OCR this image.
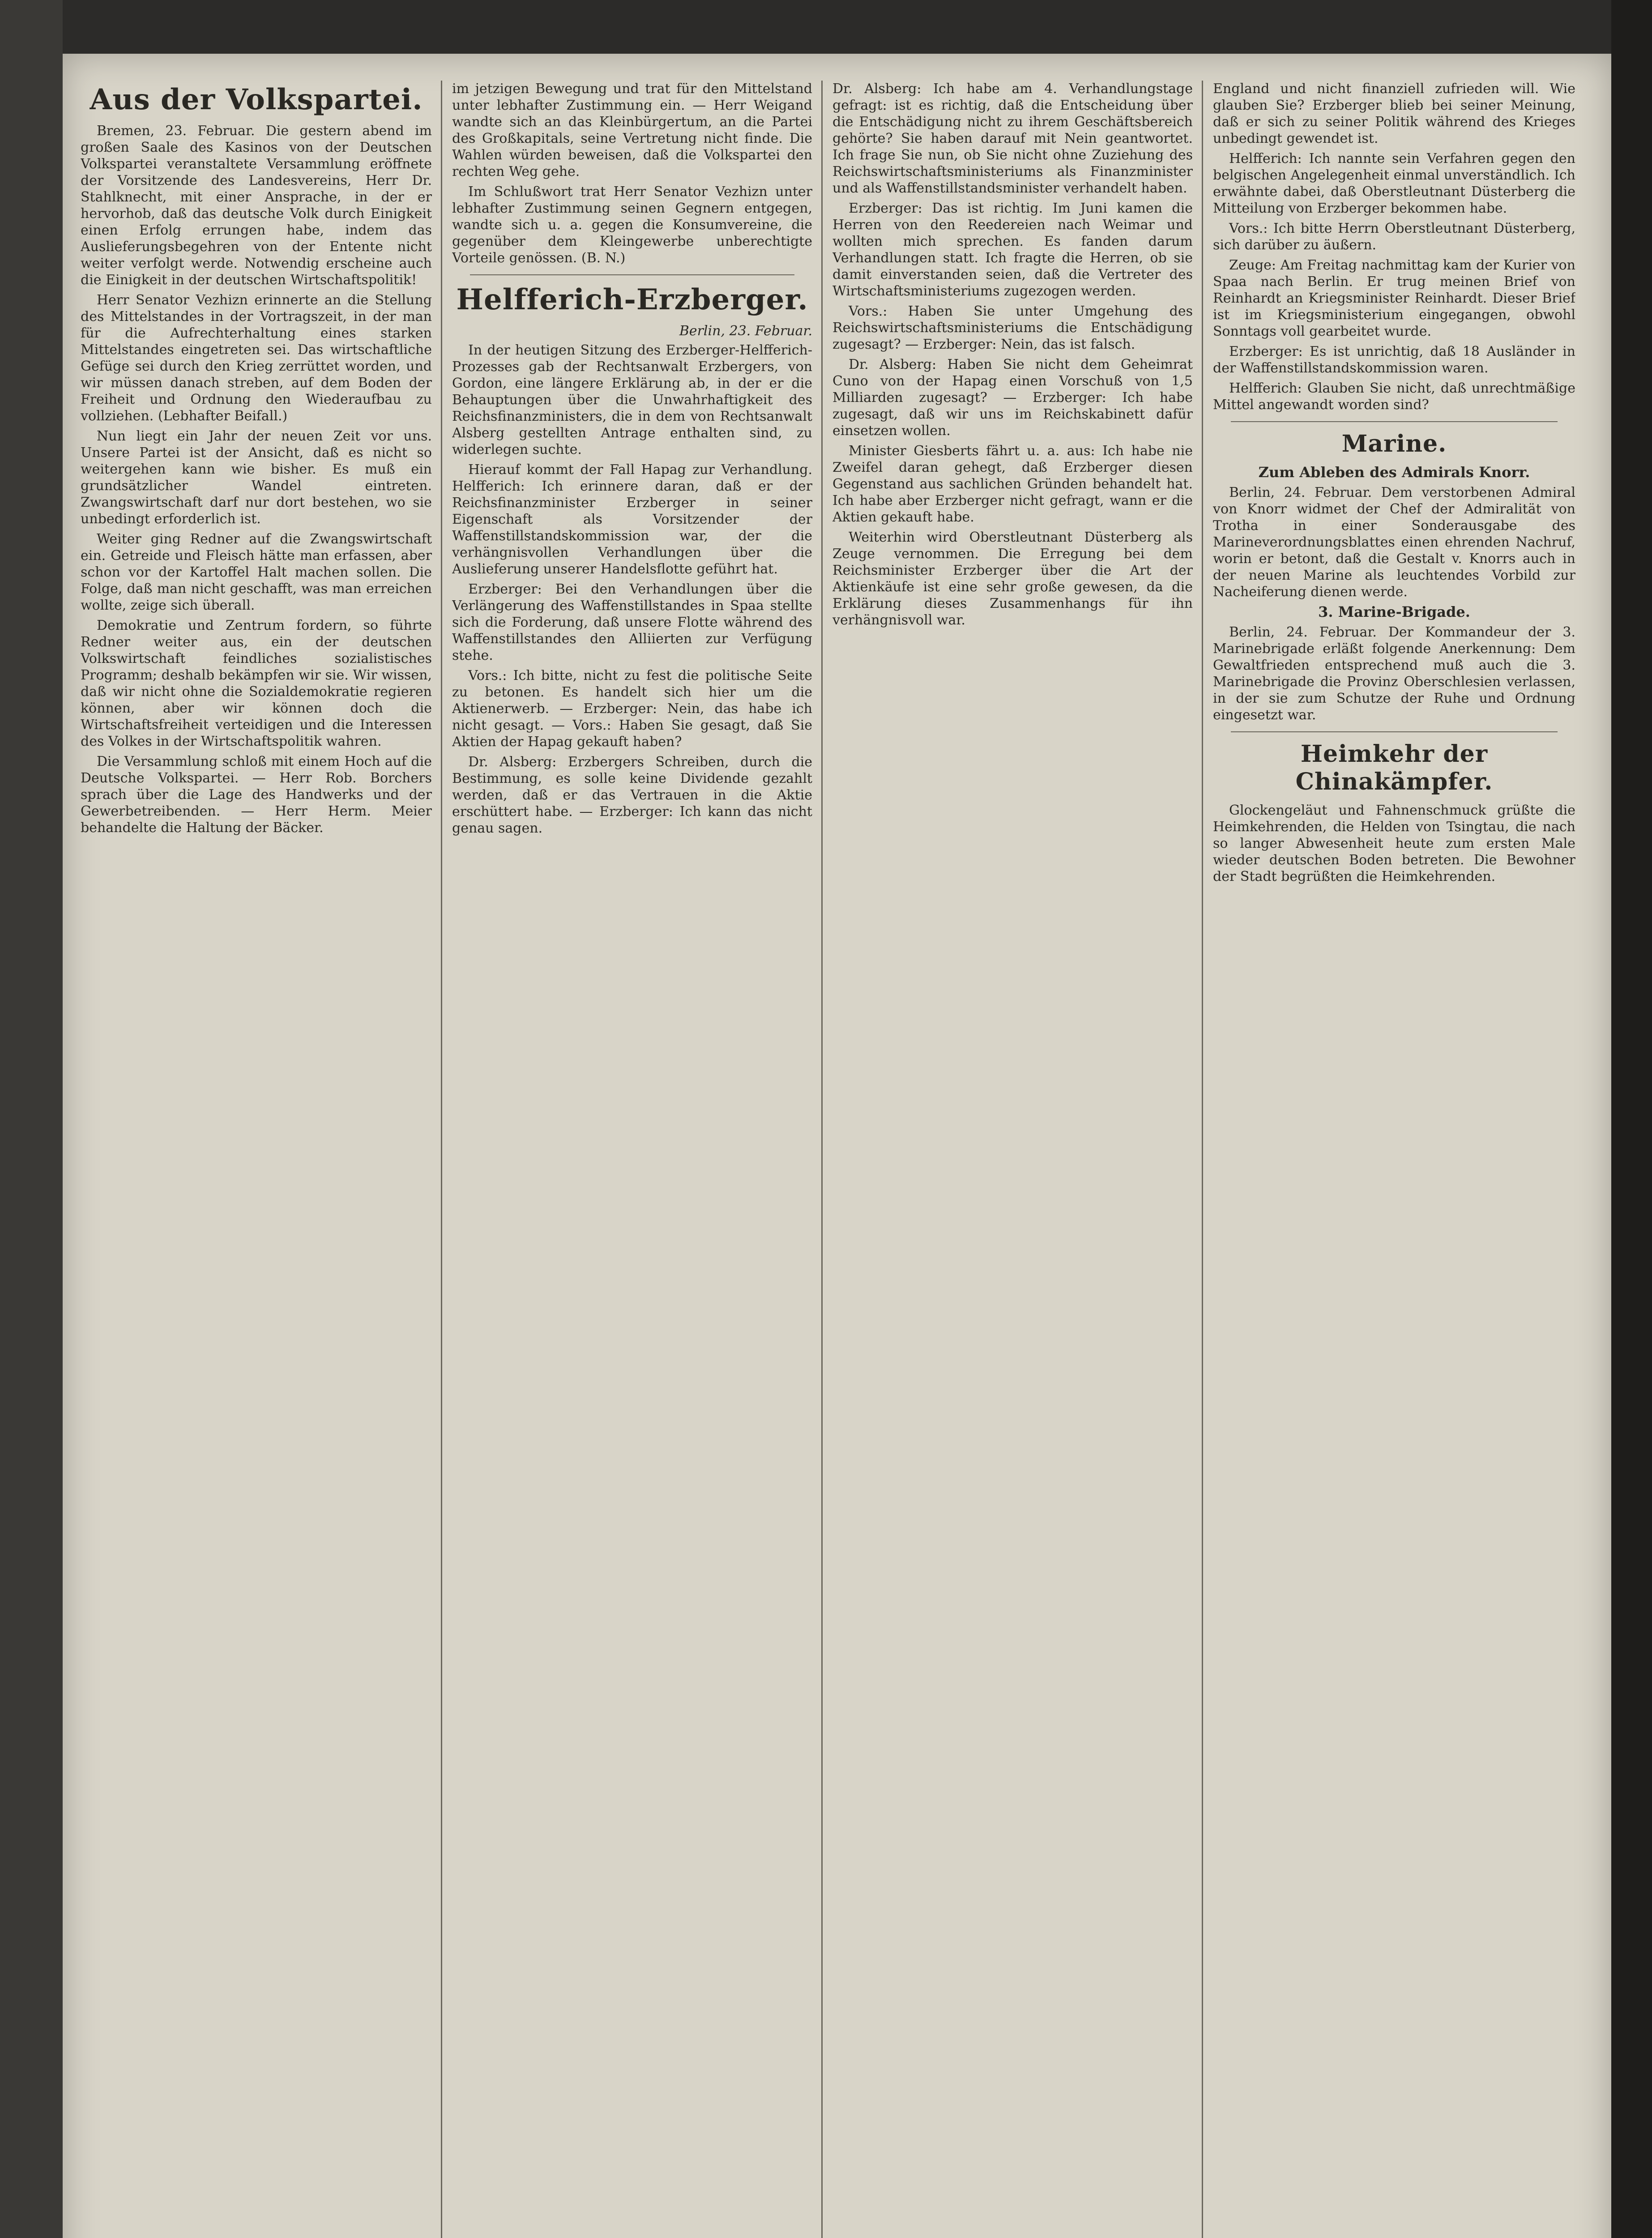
Aus der Volkspartei.

Bremen, 23. Februar. Die gestern abend im großen Saale des Kasinos von der Deutschen Volkspartei veranstaltete Versammlung eröffnete der Vorsitzende des Landesvereins, Herr Dr. Stahlknecht, mit einer Ansprache, in der er hervorhob, daß das deutsche Volk durch Einigkeit einen Erfolg errungen habe, indem das Auslieferungsbegehren von der Entente nicht weiter verfolgt werde. Notwendig erscheine auch die Einigkeit in der deutschen Wirtschaftspolitik!

Herr Senator Vezhizn erinnerte an die Stellung des Mittelstandes in der Vortragszeit, in der man für die Aufrechterhaltung eines starken Mittelstandes eingetreten sei. Das wirtschaftliche Gefüge sei durch den Krieg zerrüttet worden, und wir müssen danach streben, auf dem Boden der Freiheit und Ordnung den Wiederaufbau zu vollziehen. (Lebhafter Beifall.)

Nun liegt ein Jahr der neuen Zeit vor uns. Unsere Partei ist der Ansicht, daß es nicht so weitergehen kann wie bisher. Es muß ein grundsätzlicher Wandel eintreten. Zwangswirtschaft darf nur dort bestehen, wo sie unbedingt erforderlich ist.

Weiter ging Redner auf die Zwangswirtschaft ein. Getreide und Fleisch hätte man erfassen, aber schon vor der Kartoffel Halt machen sollen. Die Folge, daß man nicht geschafft, was man erreichen wollte, zeige sich überall.

Demokratie und Zentrum fordern, so führte Redner weiter aus, ein der deutschen Volkswirtschaft feindliches sozialistisches Programm; deshalb bekämpfen wir sie. Wir wissen, daß wir nicht ohne die Sozialdemokratie regieren können, aber wir können doch die Wirtschaftsfreiheit verteidigen und die Interessen des Volkes in der Wirtschaftspolitik wahren.

Die Versammlung schloß mit einem Hoch auf die Deutsche Volkspartei. — Herr Rob. Borchers sprach über die Lage des Handwerks und der Gewerbetreibenden. — Herr Herm. Meier behandelte die Haltung der Bäcker.

im jetzigen Bewegung und trat für den Mittelstand unter lebhafter Zustimmung ein. — Herr Weigand wandte sich an das Kleinbürgertum, an die Partei des Großkapitals, seine Vertretung nicht finde. Die Wahlen würden beweisen, daß die Volkspartei den rechten Weg gehe.

Im Schlußwort trat Herr Senator Vezhizn unter lebhafter Zustimmung seinen Gegnern entgegen, wandte sich u. a. gegen die Konsumvereine, die gegenüber dem Kleingewerbe unberechtigte Vorteile genössen. (B. N.)

Helfferich-Erzberger.
Berlin, 23. Februar.

In der heutigen Sitzung des Erzberger-Helfferich-Prozesses gab der Rechtsanwalt Erzbergers, von Gordon, eine längere Erklärung ab, in der er die Behauptungen über die Unwahrhaftigkeit des Reichsfinanzministers, die in dem von Rechtsanwalt Alsberg gestellten Antrage enthalten sind, zu widerlegen suchte.

Hierauf kommt der Fall Hapag zur Verhandlung. Helfferich: Ich erinnere daran, daß er der Reichsfinanzminister Erzberger in seiner Eigenschaft als Vorsitzender der Waffenstillstandskommission war, der die verhängnisvollen Verhandlungen über die Auslieferung unserer Handelsflotte geführt hat.

Erzberger: Bei den Verhandlungen über die Verlängerung des Waffenstillstandes in Spaa stellte sich die Forderung, daß unsere Flotte während des Waffenstillstandes den Alliierten zur Verfügung stehe.

Vors.: Ich bitte, nicht zu fest die politische Seite zu betonen. Es handelt sich hier um die Aktienerwerb. — Erzberger: Nein, das habe ich nicht gesagt. — Vors.: Haben Sie gesagt, daß Sie Aktien der Hapag gekauft haben?

Dr. Alsberg: Erzbergers Schreiben, durch die Bestimmung, es solle keine Dividende gezahlt werden, daß er das Vertrauen in die Aktie erschüttert habe. — Erzberger: Ich kann das nicht genau sagen.

Dr. Alsberg: Ich habe am 4. Verhandlungstage gefragt: ist es richtig, daß die Entscheidung über die Entschädigung nicht zu ihrem Geschäftsbereich gehörte? Sie haben darauf mit Nein geantwortet. Ich frage Sie nun, ob Sie nicht ohne Zuziehung des Reichswirtschaftsministeriums als Finanzminister und als Waffenstillstandsminister verhandelt haben.

Erzberger: Das ist richtig. Im Juni kamen die Herren von den Reedereien nach Weimar und wollten mich sprechen. Es fanden darum Verhandlungen statt. Ich fragte die Herren, ob sie damit einverstanden seien, daß die Vertreter des Wirtschaftsministeriums zugezogen werden.

Vors.: Haben Sie unter Umgehung des Reichswirtschaftsministeriums die Entschädigung zugesagt? — Erzberger: Nein, das ist falsch.

Dr. Alsberg: Haben Sie nicht dem Geheimrat Cuno von der Hapag einen Vorschuß von 1,5 Milliarden zugesagt? — Erzberger: Ich habe zugesagt, daß wir uns im Reichskabinett dafür einsetzen wollen.

Minister Giesberts fährt u. a. aus: Ich habe nie Zweifel daran gehegt, daß Erzberger diesen Gegenstand aus sachlichen Gründen behandelt hat. Ich habe aber Erzberger nicht gefragt, wann er die Aktien gekauft habe.

Weiterhin wird Oberstleutnant Düsterberg als Zeuge vernommen. Die Erregung bei dem Reichsminister Erzberger über die Art der Aktienkäufe ist eine sehr große gewesen, da die Erklärung dieses Zusammenhangs für ihn verhängnisvoll war.

England und nicht finanziell zufrieden will. Wie glauben Sie? Erzberger blieb bei seiner Meinung, daß er sich zu seiner Politik während des Krieges unbedingt gewendet ist.

Helfferich: Ich nannte sein Verfahren gegen den belgischen Angelegenheit einmal unverständlich. Ich erwähnte dabei, daß Oberstleutnant Düsterberg die Mitteilung von Erzberger bekommen habe.

Vors.: Ich bitte Herrn Oberstleutnant Düsterberg, sich darüber zu äußern.

Zeuge: Am Freitag nachmittag kam der Kurier von Spaa nach Berlin. Er trug meinen Brief von Reinhardt an Kriegsminister Reinhardt. Dieser Brief ist im Kriegsministerium eingegangen, obwohl Sonntags voll gearbeitet wurde.

Erzberger: Es ist unrichtig, daß 18 Ausländer in der Waffenstillstandskommission waren.

Helfferich: Glauben Sie nicht, daß unrechtmäßige Mittel angewandt worden sind?

Marine.
Zum Ableben des Admirals Knorr.

Berlin, 24. Februar. Dem verstorbenen Admiral von Knorr widmet der Chef der Admiralität von Trotha in einer Sonderausgabe des Marineverordnungsblattes einen ehrenden Nachruf, worin er betont, daß die Gestalt v. Knorrs auch in der neuen Marine als leuchtendes Vorbild zur Nacheiferung dienen werde.

3. Marine-Brigade.

Berlin, 24. Februar. Der Kommandeur der 3. Marinebrigade erläßt folgende Anerkennung: Dem Gewaltfrieden entsprechend muß auch die 3. Marinebrigade die Provinz Oberschlesien verlassen, in der sie zum Schutze der Ruhe und Ordnung eingesetzt war.

Heimkehr der Chinakämpfer.

Glockengeläut und Fahnenschmuck grüßte die Heimkehrenden, die Helden von Tsingtau, die nach so langer Abwesenheit heute zum ersten Male wieder deutschen Boden betreten. Die Bewohner der Stadt begrüßten die Heimkehrenden.
